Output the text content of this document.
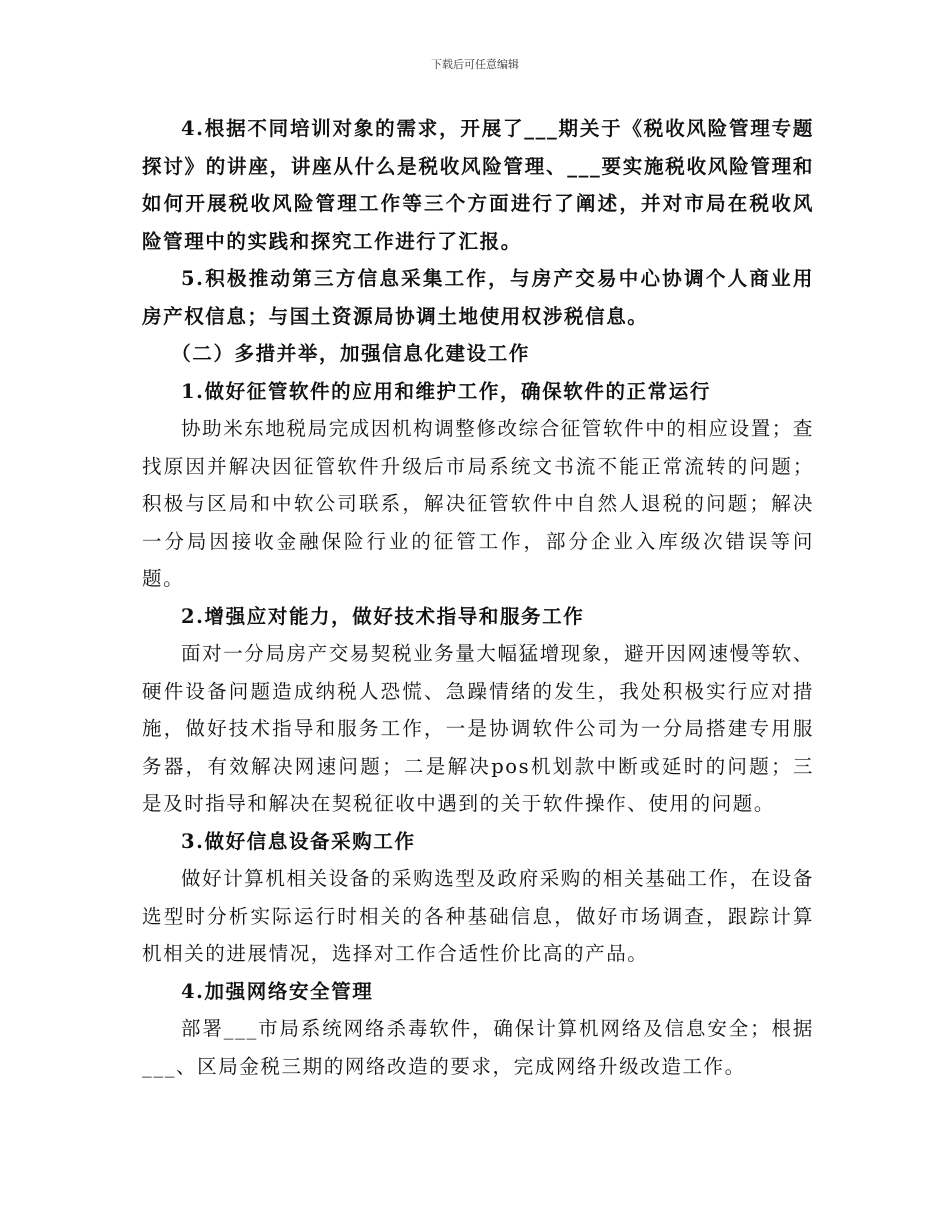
下载后可任意编辑

4.根据不同培训对象的需求，开展了___期关于《税收风险管理专题探讨》的讲座，讲座从什么是税收风险管理、___要实施税收风险管理和如何开展税收风险管理工作等三个方面进行了阐述，并对市局在税收风险管理中的实践和探究工作进行了汇报。

5.积极推动第三方信息采集工作，与房产交易中心协调个人商业用房产权信息；与国土资源局协调土地使用权涉税信息。

（二）多措并举，加强信息化建设工作

1.做好征管软件的应用和维护工作，确保软件的正常运行

协助米东地税局完成因机构调整修改综合征管软件中的相应设置；查找原因并解决因征管软件升级后市局系统文书流不能正常流转的问题；积极与区局和中软公司联系，解决征管软件中自然人退税的问题；解决一分局因接收金融保险行业的征管工作，部分企业入库级次错误等问题。

2.增强应对能力，做好技术指导和服务工作

面对一分局房产交易契税业务量大幅猛增现象，避开因网速慢等软、硬件设备问题造成纳税人恐慌、急躁情绪的发生，我处积极实行应对措施，做好技术指导和服务工作，一是协调软件公司为一分局搭建专用服务器，有效解决网速问题；二是解决pos机划款中断或延时的问题；三是及时指导和解决在契税征收中遇到的关于软件操作、使用的问题。

3.做好信息设备采购工作

做好计算机相关设备的采购选型及政府采购的相关基础工作，在设备选型时分析实际运行时相关的各种基础信息，做好市场调查，跟踪计算机相关的进展情况，选择对工作合适性价比高的产品。

4.加强网络安全管理

部署___市局系统网络杀毒软件，确保计算机网络及信息安全；根据___、区局金税三期的网络改造的要求，完成网络升级改造工作。
